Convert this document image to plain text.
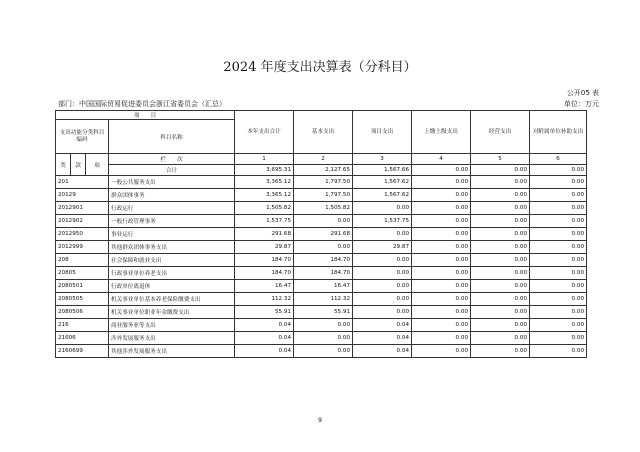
2024 年度支出决算表（分科目）
公开05 表
部门：中国国际贸易促进委员会浙江省委员会（汇总）	单位：万元
项　　目				本年支出合计	基本支出	项目支出	上缴上级支出	经营支出	对附属单位补助支出
支出功能分类科目编码			科目名称						
类	款	项	栏　　次	1	2	3	4	5	6
			合计	3,695.31	2,127.65	1,567.66	0.00	0.00	0.00
201			一般公共服务支出	3,365.12	1,797.50	1,567.62	0.00	0.00	0.00
20129			群众团体事务	3,365.12	1,797.50	1,567.62	0.00	0.00	0.00
2012901			行政运行	1,505.82	1,505.82	0.00	0.00	0.00	0.00
2012902			一般行政管理事务	1,537.75	0.00	1,537.75	0.00	0.00	0.00
2012950			事业运行	291.68	291.68	0.00	0.00	0.00	0.00
2012999			其他群众团体事务支出	29.87	0.00	29.87	0.00	0.00	0.00
208			社会保障和就业支出	184.70	184.70	0.00	0.00	0.00	0.00
20805			行政事业单位养老支出	184.70	184.70	0.00	0.00	0.00	0.00
2080501			行政单位离退休	16.47	16.47	0.00	0.00	0.00	0.00
2080505			机关事业单位基本养老保险缴费支出	112.32	112.32	0.00	0.00	0.00	0.00
2080506			机关事业单位职业年金缴费支出	55.91	55.91	0.00	0.00	0.00	0.00
216			商业服务业等支出	0.04	0.00	0.04	0.00	0.00	0.00
21606			涉外发展服务支出	0.04	0.00	0.04	0.00	0.00	0.00
2160699			其他涉外发展服务支出	0.04	0.00	0.04	0.00	0.00	0.00
9
